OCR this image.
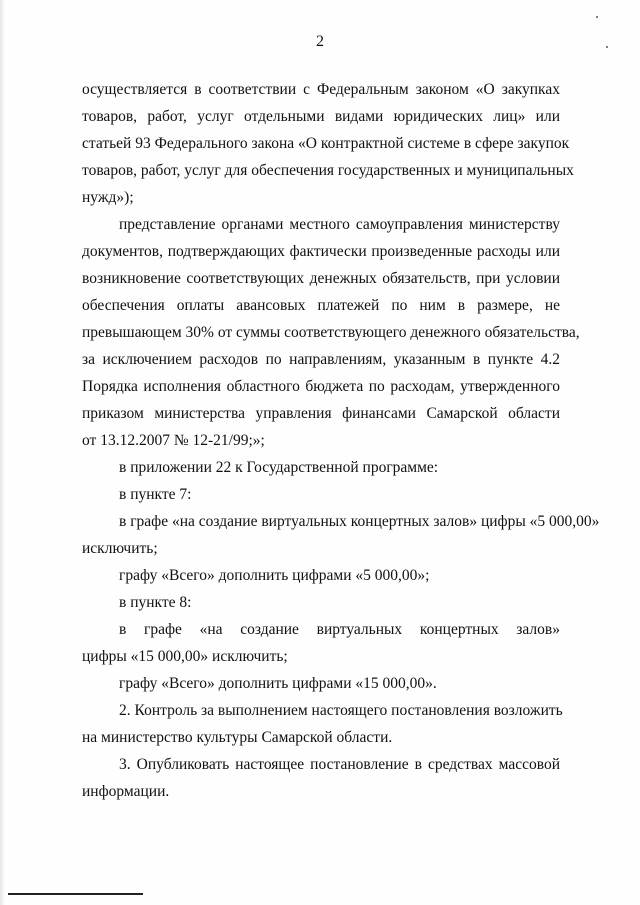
2
осуществляется в соответствии с Федеральным законом «О закупках
товаров, работ, услуг отдельными видами юридических лиц» или
статьей 93 Федерального закона «О контрактной системе в сфере закупок
товаров, работ, услуг для обеспечения государственных и муниципальных
нужд»);
представление органами местного самоуправления министерству
документов, подтверждающих фактически произведенные расходы или
возникновение соответствующих денежных обязательств, при условии
обеспечения оплаты авансовых платежей по ним в размере, не
превышающем 30% от суммы соответствующего денежного обязательства,
за исключением расходов по направлениям, указанным в пункте 4.2
Порядка исполнения областного бюджета по расходам, утвержденного
приказом министерства управления финансами Самарской области
от 13.12.2007 № 12-21/99;»;
в приложении 22 к Государственной программе:
в пункте 7:
в графе «на создание виртуальных концертных залов» цифры «5 000,00»
исключить;
графу «Всего» дополнить цифрами «5 000,00»;
в пункте 8:
в графе «на создание виртуальных концертных залов»
цифры «15 000,00» исключить;
графу «Всего» дополнить цифрами «15 000,00».
2. Контроль за выполнением настоящего постановления возложить
на министерство культуры Самарской области.
3. Опубликовать настоящее постановление в средствах массовой
информации.
